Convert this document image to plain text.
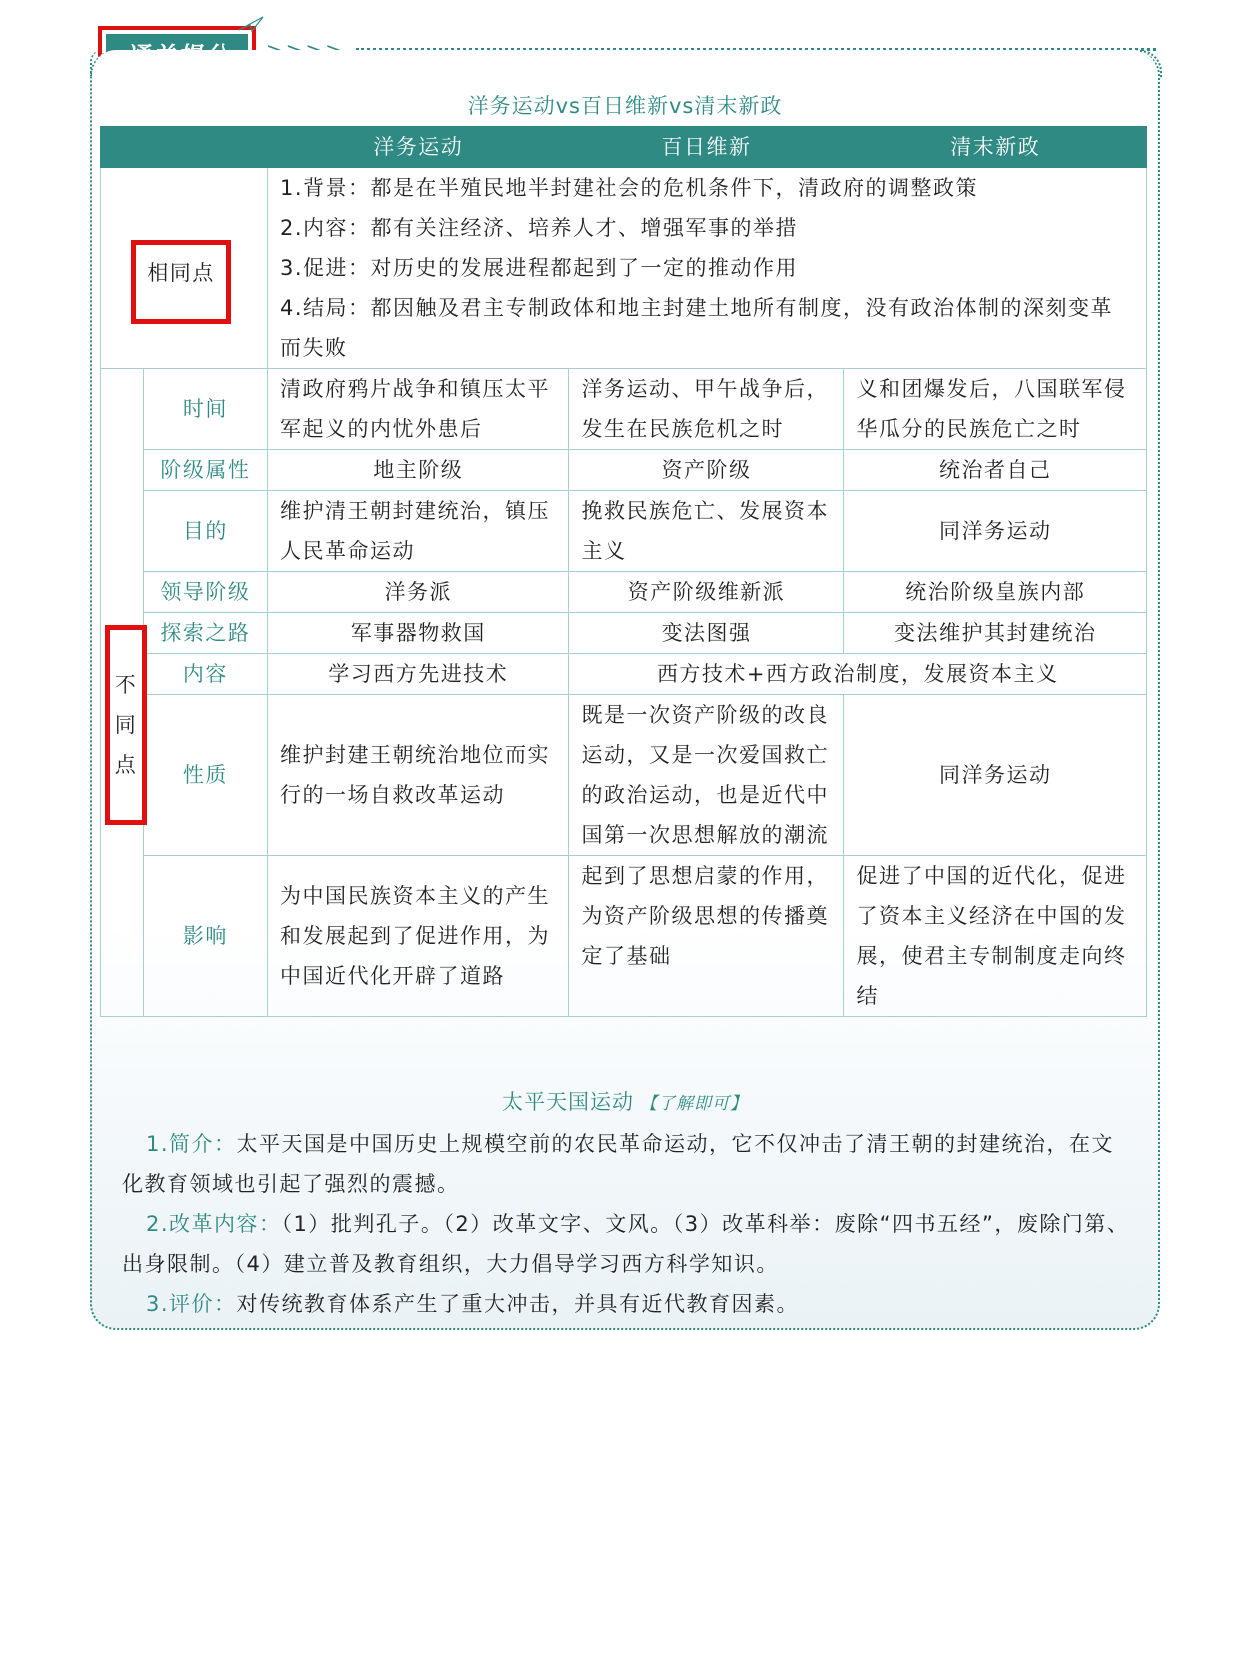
洋务运动vs百日维新vs清末新政
		洋务运动	百日维新	清末新政

相同点		1.背景：都是在半殖民地半封建社会的危机条件下，清政府的调整政策
2.内容：都有关注经济、培养人才、增强军事的举措
3.促进：对历史的发展进程都起到了一定的推动作用
4.结局：都因触及君主专制政体和地主封建土地所有制度，没有政治体制的深刻变革而失败		

不
同
点	时间	清政府鸦片战争和镇压太平军起义的内忧外患后	洋务运动、甲午战争后，发生在民族危机之时	义和团爆发后，八国联军侵华瓜分的民族危亡之时
	阶级属性	地主阶级	资产阶级	统治者自己
	目的	维护清王朝封建统治，镇压人民革命运动	挽救民族危亡、发展资本主义	同洋务运动
	领导阶级	洋务派	资产阶级维新派	统治阶级皇族内部
	探索之路	军事器物救国	变法图强	变法维护其封建统治
	内容	学习西方先进技术	西方技术+西方政治制度，发展资本主义	
	性质	维护封建王朝统治地位而实行的一场自救改革运动	既是一次资产阶级的改良运动，又是一次爱国救亡的政治运动，也是近代中国第一次思想解放的潮流	同洋务运动
	影响	为中国民族资本主义的产生和发展起到了促进作用，为中国近代化开辟了道路	起到了思想启蒙的作用，为资产阶级思想的传播奠定了基础	促进了中国的近代化，促进了资本主义经济在中国的发展，使君主专制制度走向终结
太平天国运动 【了解即可】

1.简介：太平天国是中国历史上规模空前的农民革命运动，它不仅冲击了清王朝的封建统治，在文化教育领域也引起了强烈的震撼。

2.改革内容：（1）批判孔子。（2）改革文字、文风。（3）改革科举：废除“四书五经”，废除门第、出身限制。（4）建立普及教育组织，大力倡导学习西方科学知识。

3.评价：对传统教育体系产生了重大冲击，并具有近代教育因素。
